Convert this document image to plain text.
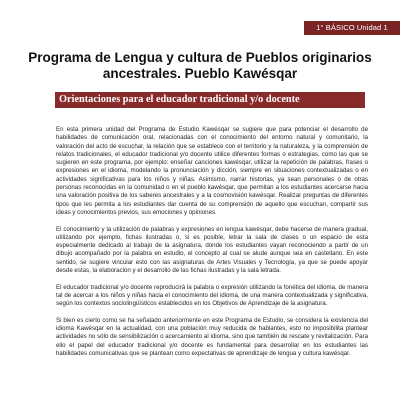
1° BÁSICO Unidad 1
Programa de Lengua y cultura de Pueblos originarios ancestrales. Pueblo Kawésqar
Orientaciones para el educador tradicional y/o docente

En esta primera unidad del Programa de Estudio Kawésqar se sugiere que para potenciar el desarrollo de habilidades de comunicación oral, relacionadas con el conocimiento del entorno natural y comunitario, la valoración del acto de escuchar, la relación que se establece con el territorio y la naturaleza, y la comprensión de relatos tradicionales, el educador tradicional y/o docente utilice diferentes formas o estrategias, como las que se sugieren en este programa, por ejemplo: enseñar canciones kawésqar, utilizar la repetición de palabras, frases o expresiones en el idioma, modelando la pronunciación y dicción, siempre en situaciones contextualizadas o en actividades significativas para los niños y niñas. Asimismo, narrar historias, ya sean personales o de otras personas reconocidas en la comunidad o en el pueblo kawésqar, que permitan a los estudiantes acercarse hacia una valoración positiva de los saberes ancestrales y a la cosmovisión kawésqar. Realizar preguntas de diferentes tipos que les permita a los estudiantes dar cuenta de su comprensión de aquello que escuchan, compartir sus ideas y conocimientos previos, sus emociones y opiniones.

El conocimiento y la utilización de palabras y expresiones en lengua kawésqar, debe hacerse de manera gradual, utilizando por ejemplo, fichas ilustradas o, si es posible, letrar la sala de clases o un espacio de esta especialmente dedicado al trabajo de la asignatura, donde los estudiantes vayan reconociendo a partir de un dibujo acompañado por la palabra en estudio, el concepto al cual se alude aunque sea en castellano. En este sentido, se sugiere vincular esto con las asignaturas de Artes Visuales y Tecnología, ya que se puede apoyar desde estas, la elaboración y el desarrollo de las fichas ilustradas y la sala letrada.

El educador tradicional y/o docente reproducirá la palabra o expresión utilizando la fonética del idioma, de manera tal de acercar a los niños y niñas hacia el conocimiento del idioma, de una manera contextualizada y significativa, según los contextos sociolingüísticos establecidos en los Objetivos de Aprendizaje de la asignatura.

Si bien es cierto como se ha señalado anteriormente en este Programa de Estudio, se considera la existencia del idioma Kawésqar en la actualidad, con una población muy reducida de hablantes, esto no imposibilita plantear actividades no sólo de sensibilización o acercamiento al idioma, sino que también de rescate y revitalización. Para ello el papel del educador tradicional y/o docente es fundamental para desarrollar en los estudiantes las habilidades comunicativas que se plantean como expectativas de aprendizaje de lengua y cultura kawésqar.
